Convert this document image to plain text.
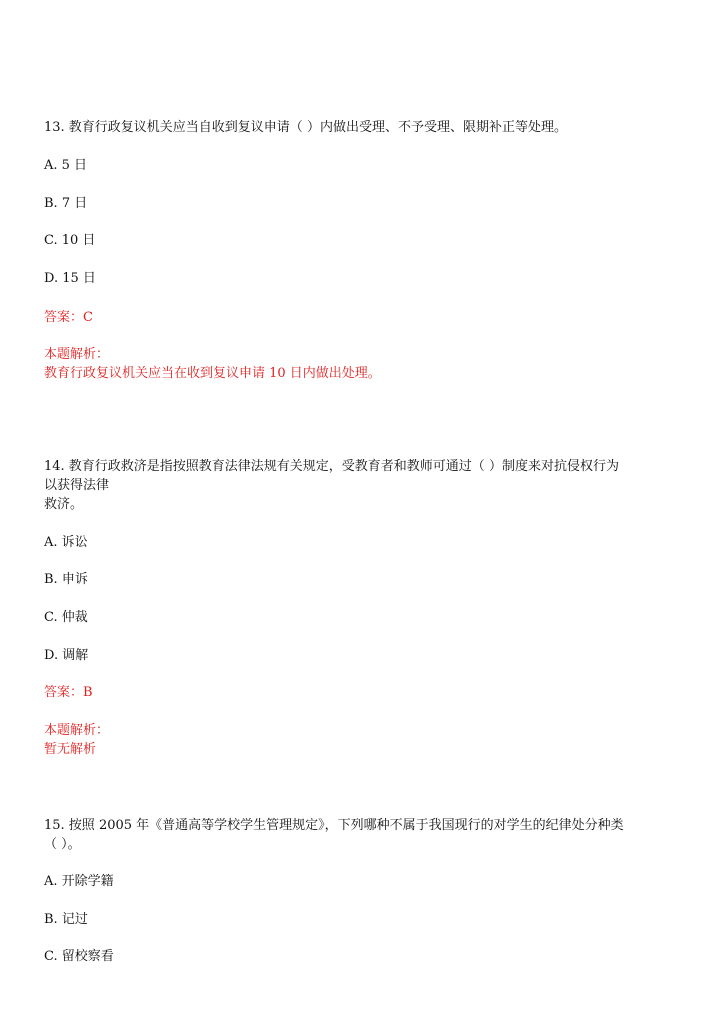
13. 教育行政复议机关应当自收到复议申请（ ）内做出受理、不予受理、限期补正等处理。
A. 5 日
B. 7 日
C. 10 日
D. 15 日
答案：C
本题解析：
教育行政复议机关应当在收到复议申请 10 日内做出处理。
14. 教育行政救济是指按照教育法律法规有关规定，受教育者和教师可通过（ ）制度来对抗侵权行为
以获得法律
救济。
A. 诉讼
B. 申诉
C. 仲裁
D. 调解
答案：B
本题解析：
暂无解析
15. 按照 2005 年《普通高等学校学生管理规定》，下列哪种不属于我国现行的对学生的纪律处分种类
（ ）。
A. 开除学籍
B. 记过
C. 留校察看
